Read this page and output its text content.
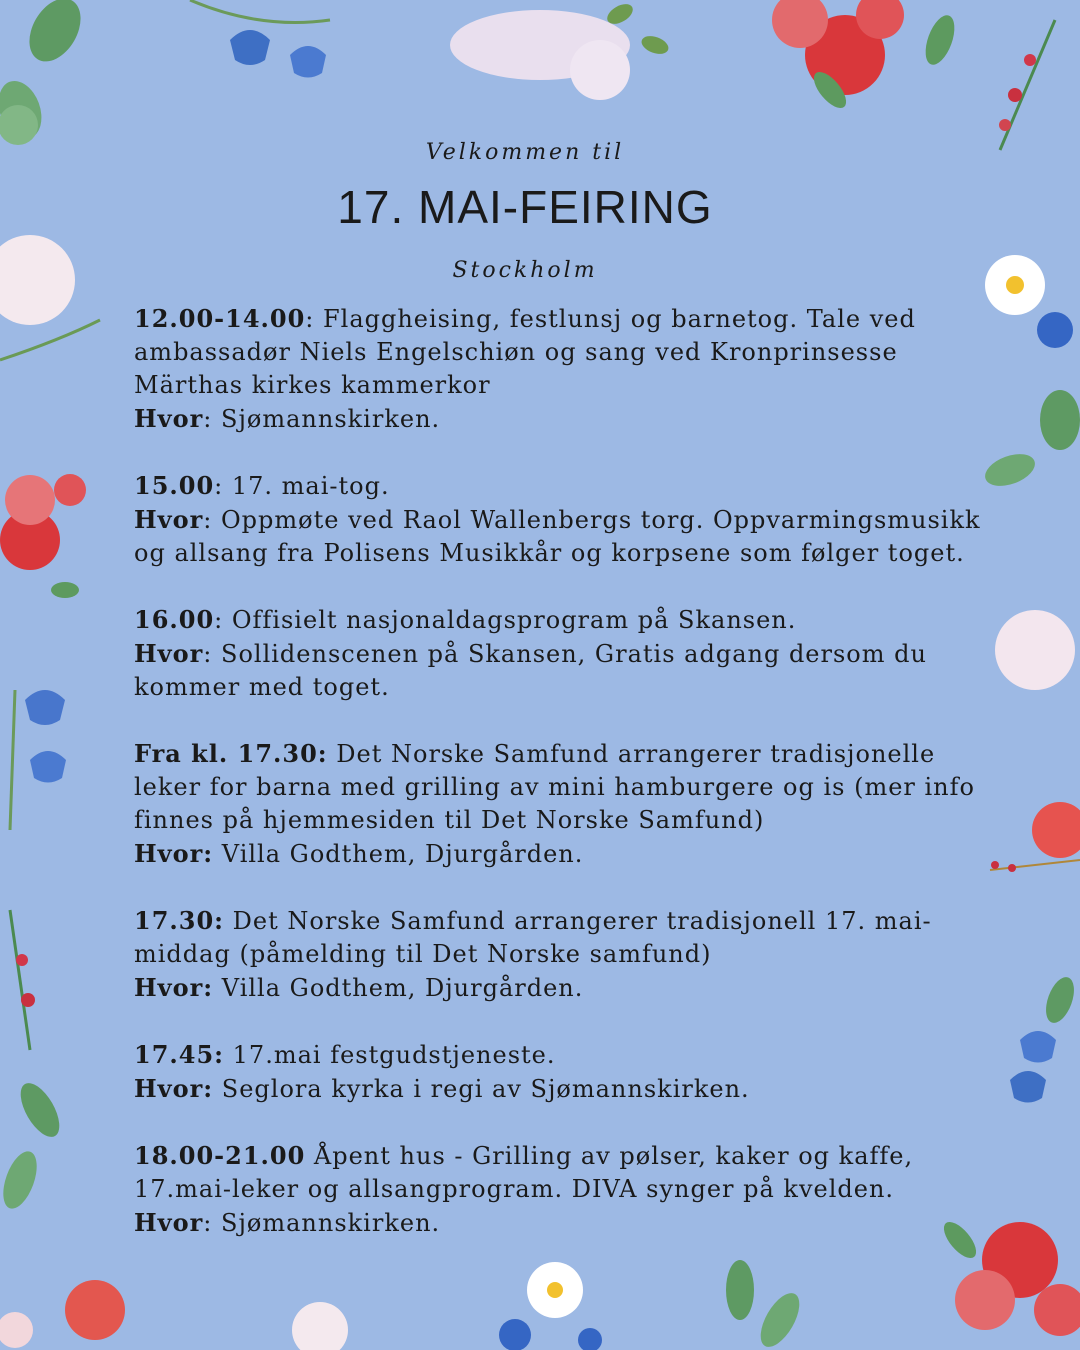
Velkommen til
17. MAI-FEIRING
Stockholm
12.00-14.00: Flaggheising, festlunsj og barnetog. Tale ved ambassadør Niels Engelschiøn og sang ved Kronprinsesse Märthas kirkes kammerkor
Hvor: Sjømannskirken.
15.00: 17. mai-tog.
Hvor: Oppmøte ved Raol Wallenbergs torg. Oppvarmingsmusikk og allsang fra Polisens Musikkår og korpsene som følger toget.
16.00: Offisielt nasjonaldagsprogram på Skansen.
Hvor: Sollidenscenen på Skansen, Gratis adgang dersom du kommer med toget.
Fra kl. 17.30: Det Norske Samfund arrangerer tradisjonelle leker for barna med grilling av mini hamburgere og is (mer info finnes på hjemmesiden til Det Norske Samfund)
Hvor: Villa Godthem, Djurgården.
17.30: Det Norske Samfund arrangerer tradisjonell 17. mai-middag (påmelding til Det Norske samfund)
Hvor: Villa Godthem, Djurgården.
17.45: 17.mai festgudstjeneste.
Hvor: Seglora kyrka i regi av Sjømannskirken.
18.00-21.00 Åpent hus - Grilling av pølser, kaker og kaffe, 17.mai-leker og allsangprogram. DIVA synger på kvelden.
Hvor: Sjømannskirken.
